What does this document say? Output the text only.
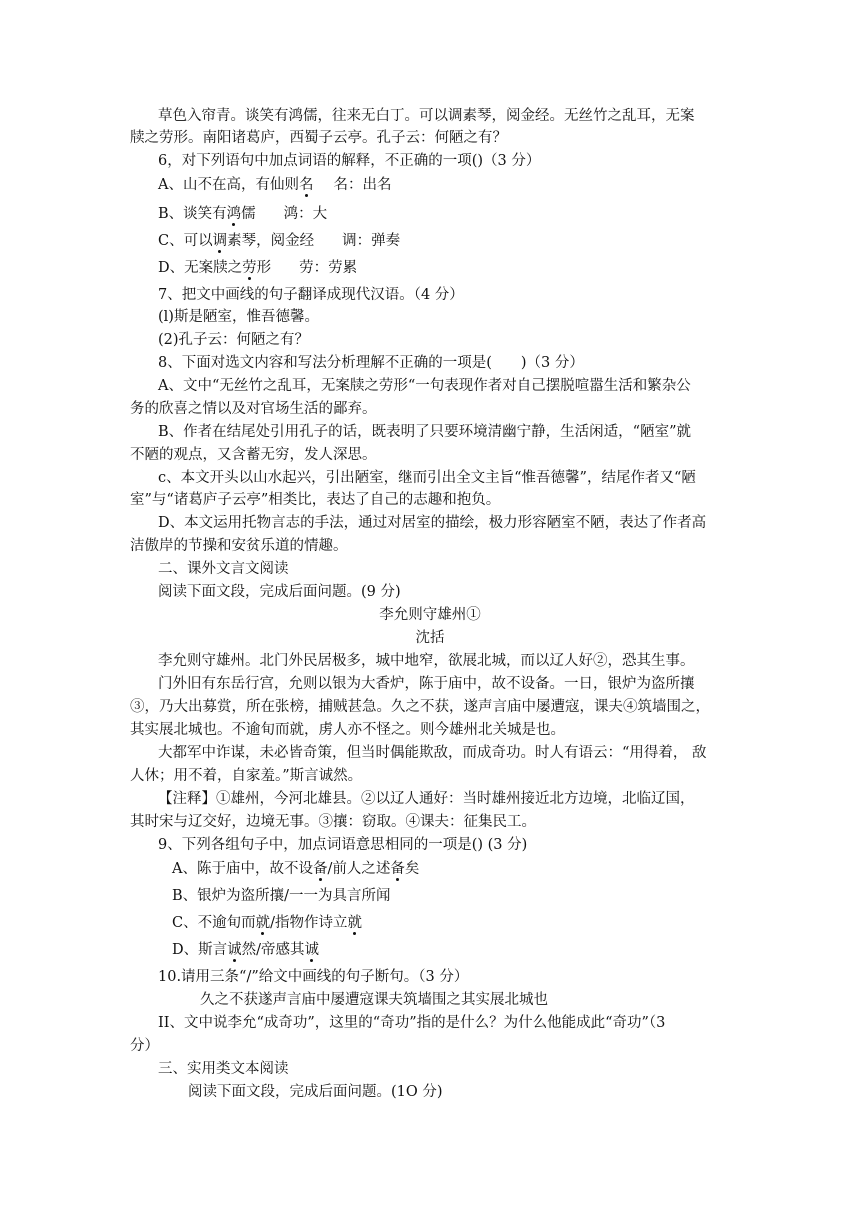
草色入帘青。谈笑有鸿儒，往来无白丁。可以调素琴，阅金经。无丝竹之乱耳，无案
牍之劳形。南阳诸葛庐，西蜀子云亭。孔子云：何陋之有？
6，对下列语句中加点词语的解释，不正确的一项()（3 分）
A、山不在高，有仙则名 名：出名
B、谈笑有鸿儒 鸿：大
C、可以调素琴，阅金经 调：弹奏
D、无案牍之劳形 劳：劳累
7、把文中画线的句子翻译成现代汉语。（4 分）
(l)斯是陋室，惟吾德馨。
(2)孔子云：何陋之有？
8、下面对选文内容和写法分析理解不正确的一项是(　　)（3 分）
A、文中“无丝竹之乱耳，无案牍之劳形“一句表现作者对自己摆脱喧嚣生活和繁杂公
务的欣喜之情以及对官场生活的鄙弃。
B、作者在结尾处引用孔子的话，既表明了只要环境清幽宁静，生活闲适，“陋室”就
不陋的观点，又含蓄无穷，发人深思。
c、本文开头以山水起兴，引出陋室，继而引出全文主旨“惟吾德馨”，结尾作者又“陋
室”与“诸葛庐子云亭”相类比，表达了自己的志趣和抱负。
D、本文运用托物言志的手法，通过对居室的描绘，极力形容陋室不陋，表达了作者高
洁傲岸的节操和安贫乐道的情趣。
二、课外文言文阅读
阅读下面文段，完成后面问题。(9 分)
李允则守雄州①
沈括
李允则守雄州。北门外民居极多，城中地窄，欲展北城，而以辽人好②，恐其生事。
门外旧有东岳行宫，允则以银为大香炉，陈于庙中，故不设备。一日，银炉为盗所攘
③，乃大出募赏，所在张榜，捕贼甚急。久之不获，遂声言庙中屡遭寇，课夫④筑墙围之，
其实展北城也。不逾旬而就，虏人亦不怪之。则今雄州北关城是也。
大都军中诈谋，未必皆奇策，但当时偶能欺敌，而成奇功。时人有语云：“用得着， 敌
人休；用不着，自家羞。”斯言诚然。
【注释】①雄州，今河北雄县。②以辽人通好：当时雄州接近北方边境，北临辽国，
其时宋与辽交好，边境无事。③攘：窃取。④课夫：征集民工。
9、下列各组句子中，加点词语意思相同的一项是() (3 分)
A、陈于庙中，故不设备/前人之述备矣
B、银炉为盗所攘/一一为具言所闻
C、不逾旬而就/指物作诗立就
D、斯言诚然/帝感其诚
10.请用三条“/”给文中画线的句子断句。（3 分）
久之不获遂声言庙中屡遭寇课夫筑墙围之其实展北城也
II、文中说李允“成奇功”，这里的“奇功”指的是什么？为什么他能成此“奇功”（3
分）
三、实用类文本阅读
阅读下面文段，完成后面问题。(1O 分)
